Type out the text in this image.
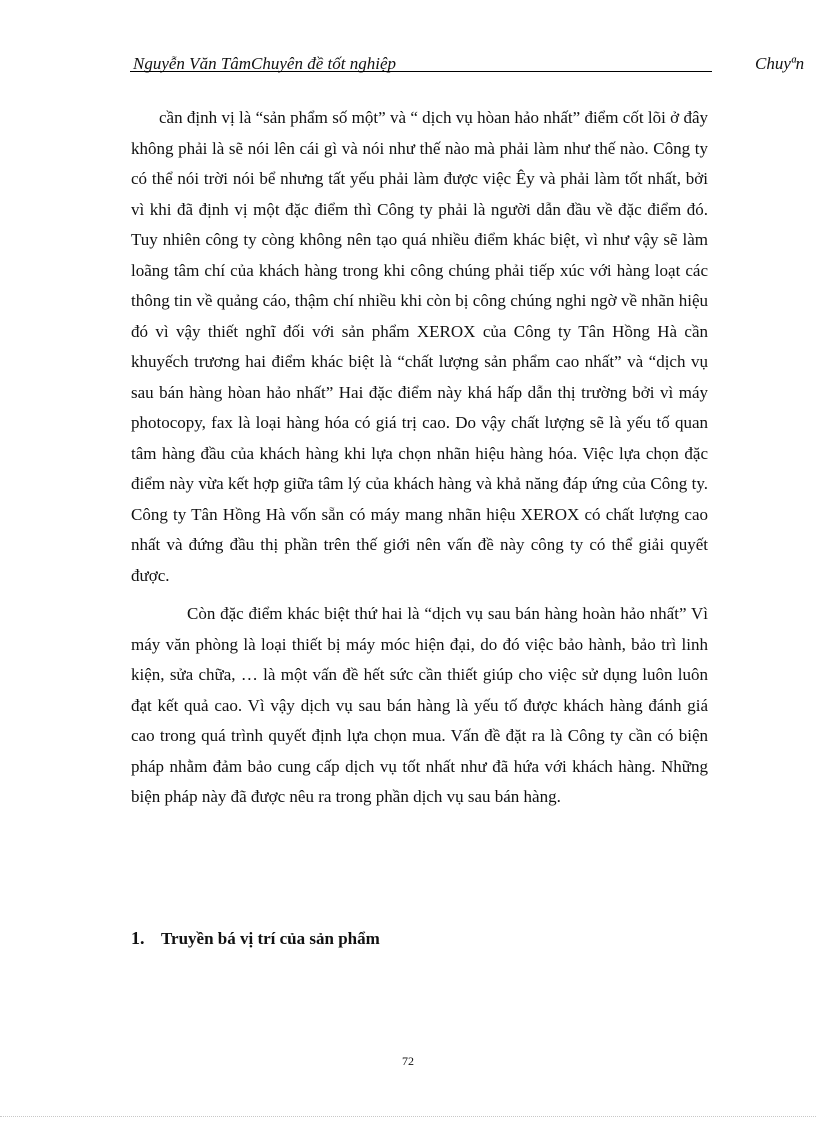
Nguyễn Văn TâmChuyên đề tốt nghiệp	Chuyªn

cần định vị là “sản phẩm số một” và “ dịch vụ hòan hảo nhất” điểm cốt lõi ở đây không phải là sẽ nói lên cái gì và nói như thế nào mà phải làm như thế nào. Công ty có thể nói trời nói bể nhưng tất yếu phải làm được việc Êy và phải làm tốt nhất, bởi vì khi đã định vị một đặc điểm thì Công ty phải là người dẫn đầu về đặc điểm đó. Tuy nhiên công ty còng không nên tạo quá nhiều điểm khác biệt, vì như vậy sẽ làm loãng tâm chí của khách hàng trong khi công chúng phải tiếp xúc với hàng loạt các thông tin về quảng cáo, thậm chí nhiều khi còn bị công chúng nghi ngờ về nhãn hiệu đó vì vậy thiết nghĩ đối với sản phẩm XEROX của Công ty Tân Hồng Hà cần khuyếch trương hai điểm khác biệt là “chất lượng sản phẩm cao nhất” và “dịch vụ sau bán hàng hòan hảo nhất” Hai đặc điểm này khá hấp dẫn thị trường bởi vì máy photocopy, fax là loại hàng hóa có giá trị cao. Do vậy chất lượng sẽ là yếu tố quan tâm hàng đầu của khách hàng khi lựa chọn nhãn hiệu hàng hóa. Việc lựa chọn đặc điểm này vừa kết hợp giữa tâm lý của khách hàng và khả năng đáp ứng của Công ty. Công ty Tân Hồng Hà vốn sẵn có máy mang nhãn hiệu XEROX có chất lượng cao nhất và đứng đầu thị phần trên thế giới nên vấn đề này công ty có thể giải quyết được.

Còn đặc điểm khác biệt thứ hai là “dịch vụ sau bán hàng hoàn hảo nhất” Vì máy văn phòng là loại thiết bị máy móc hiện đại, do đó việc bảo hành, bảo trì linh kiện, sửa chữa, … là một vấn đề hết sức cần thiết giúp cho việc sử dụng luôn luôn đạt kết quả cao. Vì vậy dịch vụ sau bán hàng là yếu tố được khách hàng đánh giá cao trong quá trình quyết định lựa chọn mua. Vấn đề đặt ra là Công ty cần có biện pháp nhằm đảm bảo cung cấp dịch vụ tốt nhất như đã hứa với khách hàng. Những biện pháp này đã được nêu ra trong phần dịch vụ sau bán hàng.

1. Truyền bá vị trí của sản phẩm
72
